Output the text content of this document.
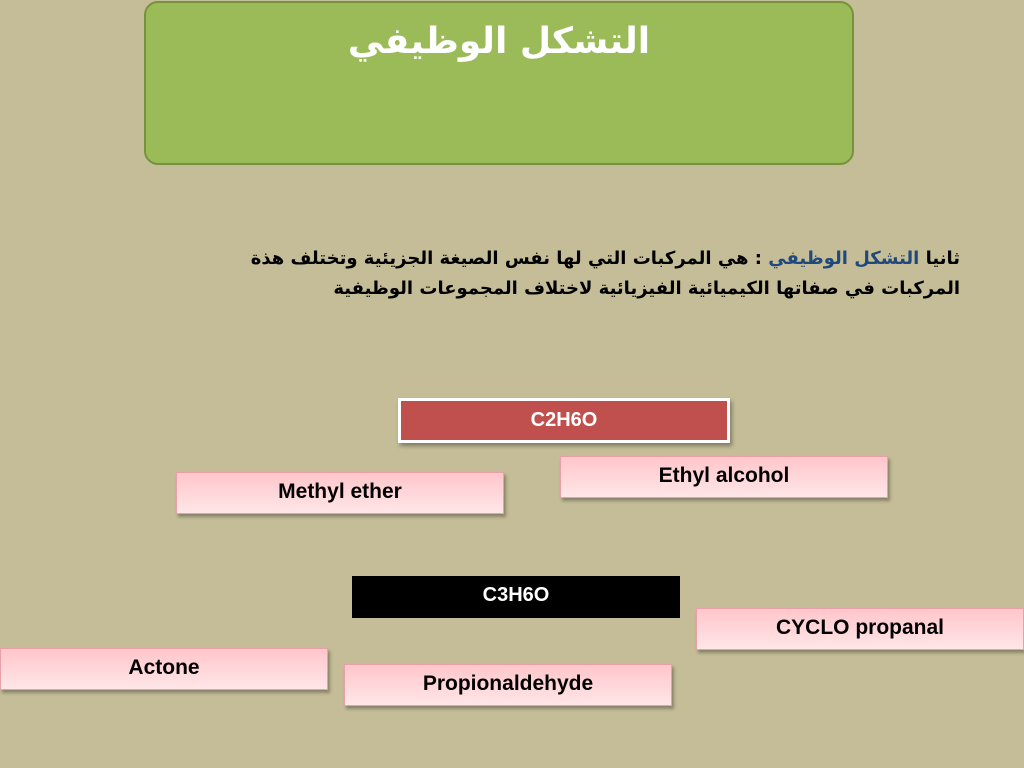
التشكل الوظيفي
ثانيا التشكل الوظيفي : هي المركبات التي لها نفس الصيغة الجزيئية وتختلف هذة المركبات في صفاتها الكيميائية الفيزيائية لاختلاف المجموعات الوظيفية
C2H6O
Methyl ether
Ethyl alcohol
C3H6O
CYCLO propanal
Actone
Propionaldehyde
